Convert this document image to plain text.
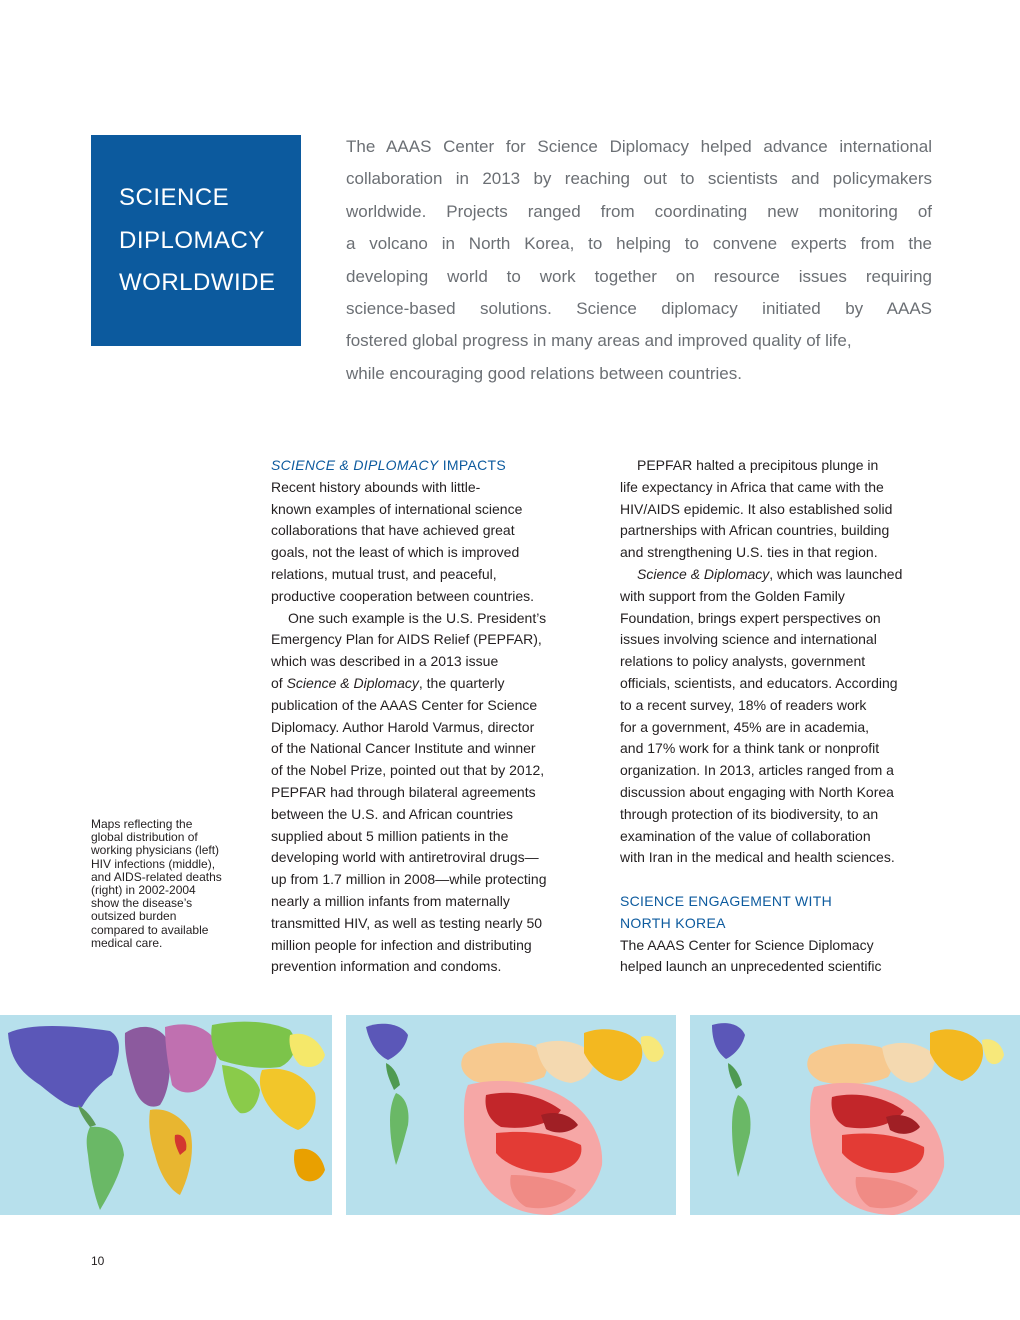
SCIENCE
DIPLOMACY
WORLDWIDE
The AAAS Center for Science Diplomacy helped advance international
collaboration in 2013 by reaching out to scientists and policymakers
worldwide. Projects ranged from coordinating new monitoring of
a volcano in North Korea, to helping to convene experts from the
developing world to work together on resource issues requiring
science-based solutions. Science diplomacy initiated by AAAS
fostered global progress in many areas and improved quality of life,
while encouraging good relations between countries.
SCIENCE & DIPLOMACY IMPACTS
Recent history abounds with little-
known examples of international science
collaborations that have achieved great
goals, not the least of which is improved
relations, mutual trust, and peaceful,
productive cooperation between countries.
One such example is the U.S. President’s
Emergency Plan for AIDS Relief (PEPFAR),
which was described in a 2013 issue
of Science & Diplomacy, the quarterly
publication of the AAAS Center for Science
Diplomacy. Author Harold Varmus, director
of the National Cancer Institute and winner
of the Nobel Prize, pointed out that by 2012,
PEPFAR had through bilateral agreements
between the U.S. and African countries
supplied about 5 million patients in the
developing world with antiretroviral drugs—
up from 1.7 million in 2008—while protecting
nearly a million infants from maternally
transmitted HIV, as well as testing nearly 50
million people for infection and distributing
prevention information and condoms.
PEPFAR halted a precipitous plunge in
life expectancy in Africa that came with the
HIV/AIDS epidemic. It also established solid
partnerships with African countries, building
and strengthening U.S. ties in that region.
Science & Diplomacy, which was launched
with support from the Golden Family
Foundation, brings expert perspectives on
issues involving science and international
relations to policy analysts, government
officials, scientists, and educators. According
to a recent survey, 18% of readers work
for a government, 45% are in academia,
and 17% work for a think tank or nonprofit
organization. In 2013, articles ranged from a
discussion about engaging with North Korea
through protection of its biodiversity, to an
examination of the value of collaboration
with Iran in the medical and health sciences.
SCIENCE ENGAGEMENT WITH
NORTH KOREA
The AAAS Center for Science Diplomacy
helped launch an unprecedented scientific
Maps reflecting the
global distribution of
working physicians (left)
HIV infections (middle),
and AIDS-related deaths
(right) in 2002-2004
show the disease’s
outsized burden
compared to available
medical care.
10
